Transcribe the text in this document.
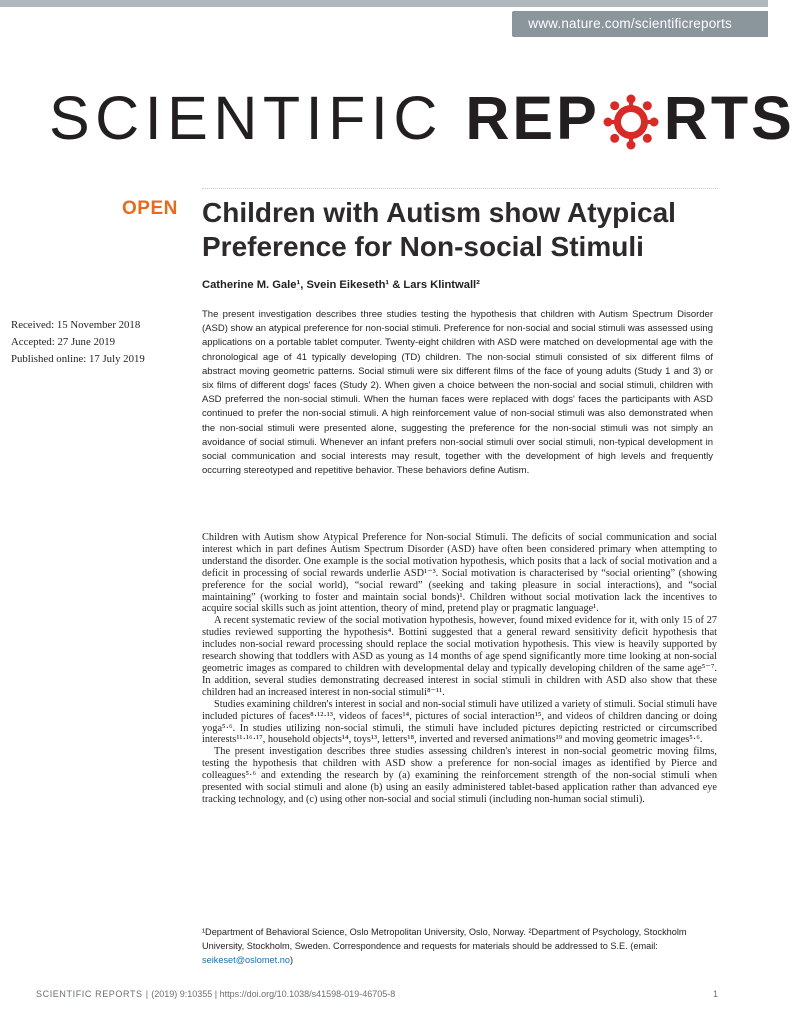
www.nature.com/scientificreports
SCIENTIFIC REP RTS
OPEN Children with Autism show Atypical Preference for Non-social Stimuli
Catherine M. Gale¹, Svein Eikeseth¹ & Lars Klintwall²
Received: 15 November 2018
Accepted: 27 June 2019
Published online: 17 July 2019
The present investigation describes three studies testing the hypothesis that children with Autism Spectrum Disorder (ASD) show an atypical preference for non-social stimuli. Preference for non-social and social stimuli was assessed using applications on a portable tablet computer. Twenty-eight children with ASD were matched on developmental age with the chronological age of 41 typically developing (TD) children. The non-social stimuli consisted of six different films of abstract moving geometric patterns. Social stimuli were six different films of the face of young adults (Study 1 and 3) or six films of different dogs' faces (Study 2). When given a choice between the non-social and social stimuli, children with ASD preferred the non-social stimuli. When the human faces were replaced with dogs' faces the participants with ASD continued to prefer the non-social stimuli. A high reinforcement value of non-social stimuli was also demonstrated when the non-social stimuli were presented alone, suggesting the preference for the non-social stimuli was not simply an avoidance of social stimuli. Whenever an infant prefers non-social stimuli over social stimuli, non-typical development in social communication and social interests may result, together with the development of high levels and frequently occurring stereotyped and repetitive behavior. These behaviors define Autism.

Children with Autism show Atypical Preference for Non-social Stimuli. The deficits of social communication and social interest which in part defines Autism Spectrum Disorder (ASD) have often been considered primary when attempting to understand the disorder. One example is the social motivation hypothesis, which posits that a lack of social motivation and a deficit in processing of social rewards underlie ASD¹⁻³. Social motivation is characterised by “social orienting” (showing preference for the social world), “social reward” (seeking and taking pleasure in social interactions), and “social maintaining” (working to foster and maintain social bonds)¹. Children without social motivation lack the incentives to acquire social skills such as joint attention, theory of mind, pretend play or pragmatic language¹.

A recent systematic review of the social motivation hypothesis, however, found mixed evidence for it, with only 15 of 27 studies reviewed supporting the hypothesis⁴. Bottini suggested that a general reward sensitivity deficit hypothesis that includes non-social reward processing should replace the social motivation hypothesis. This view is heavily supported by research showing that toddlers with ASD as young as 14 months of age spend significantly more time looking at non-social geometric images as compared to children with developmental delay and typically developing children of the same age⁵⁻⁷. In addition, several studies demonstrating decreased interest in social stimuli in children with ASD also show that these children had an increased interest in non-social stimuli⁸⁻¹¹.

Studies examining children's interest in social and non-social stimuli have utilized a variety of stimuli. Social stimuli have included pictures of faces⁸·¹²·¹³, videos of faces¹⁴, pictures of social interaction¹⁵, and videos of children dancing or doing yoga⁵·⁶. In studies utilizing non-social stimuli, the stimuli have included pictures depicting restricted or circumscribed interests¹¹·¹⁶·¹⁷, household objects¹⁴, toys¹³, letters¹⁸, inverted and reversed animations¹⁹ and moving geometric images⁵·⁶.

The present investigation describes three studies assessing children's interest in non-social geometric moving films, testing the hypothesis that children with ASD show a preference for non-social images as identified by Pierce and colleagues⁵·⁶ and extending the research by (a) examining the reinforcement strength of the non-social stimuli when presented with social stimuli and alone (b) using an easily administered tablet-based application rather than advanced eye tracking technology, and (c) using other non-social and social stimuli (including non-human social stimuli).

¹Department of Behavioral Science, Oslo Metropolitan University, Oslo, Norway. ²Department of Psychology, Stockholm University, Stockholm, Sweden. Correspondence and requests for materials should be addressed to S.E. (email: seikeset@oslomet.no)
SCIENTIFIC REPORTS | (2019) 9:10355 | https://doi.org/10.1038/s41598-019-46705-8	1
